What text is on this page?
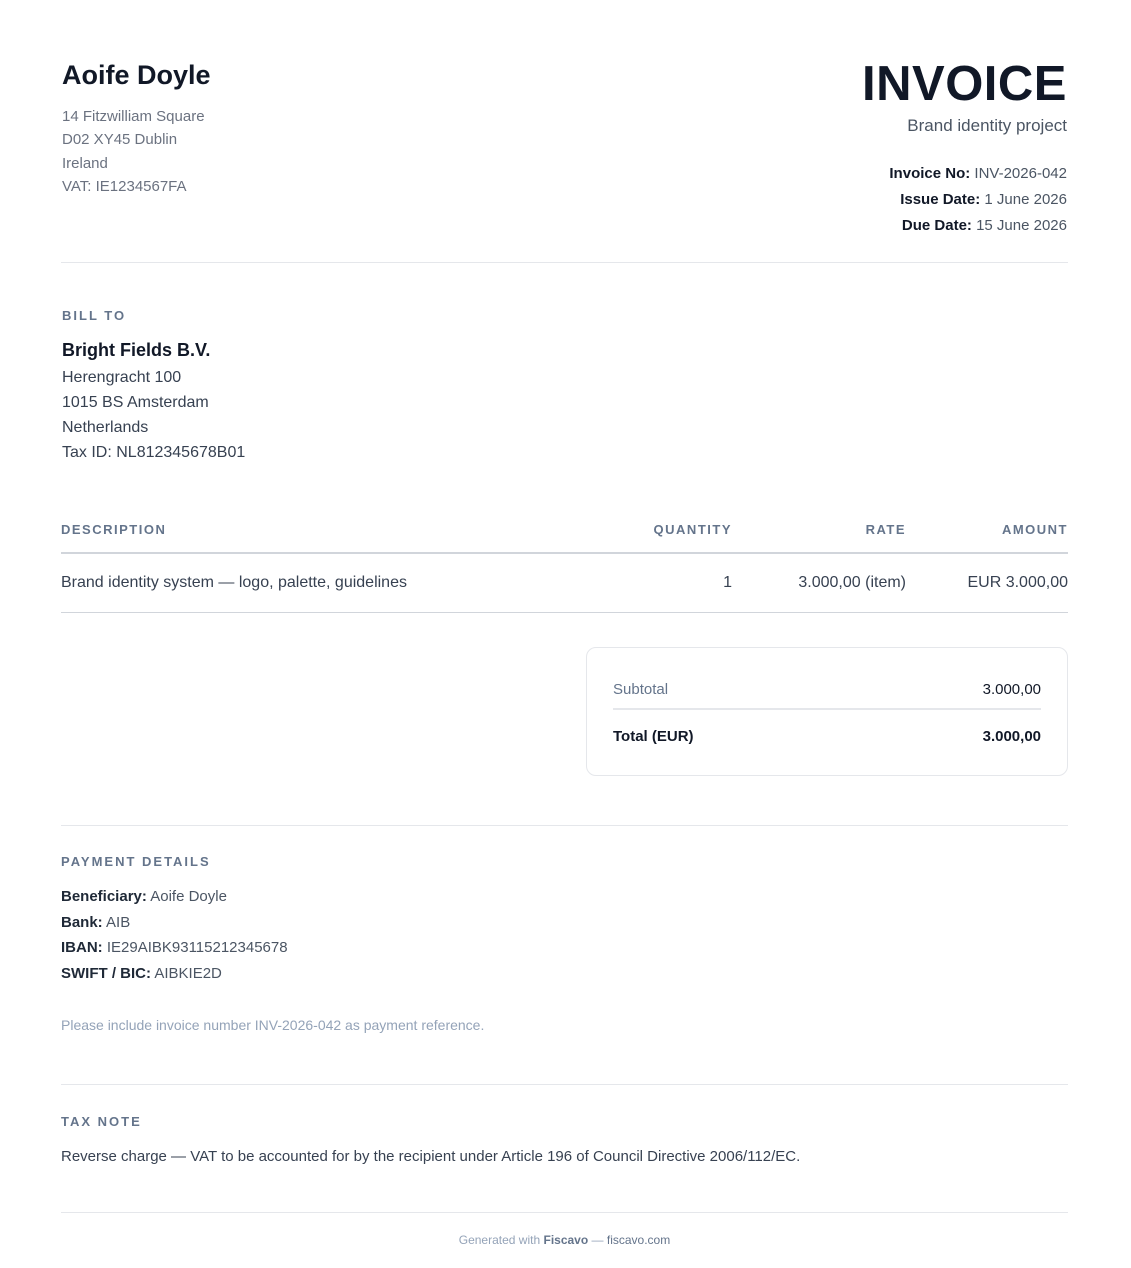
Aoife Doyle
14 Fitzwilliam Square
D02 XY45 Dublin
Ireland
VAT: IE1234567FA
INVOICE
Brand identity project
Invoice No: INV-2026-042
Issue Date: 1 June 2026
Due Date: 15 June 2026
BILL TO
Bright Fields B.V.
Herengracht 100
1015 BS Amsterdam
Netherlands
Tax ID: NL812345678B01
DESCRIPTION	QUANTITY	RATE	AMOUNT
Brand identity system — logo, palette, guidelines	1	3.000,00 (item)	EUR 3.000,00
Subtotal	3.000,00
Total (EUR)	3.000,00
PAYMENT DETAILS
Beneficiary: Aoife Doyle
Bank: AIB
IBAN: IE29AIBK93115212345678
SWIFT / BIC: AIBKIE2D
Please include invoice number INV-2026-042 as payment reference.
TAX NOTE
Reverse charge — VAT to be accounted for by the recipient under Article 196 of Council Directive 2006/112/EC.
Generated with Fiscavo — fiscavo.com
